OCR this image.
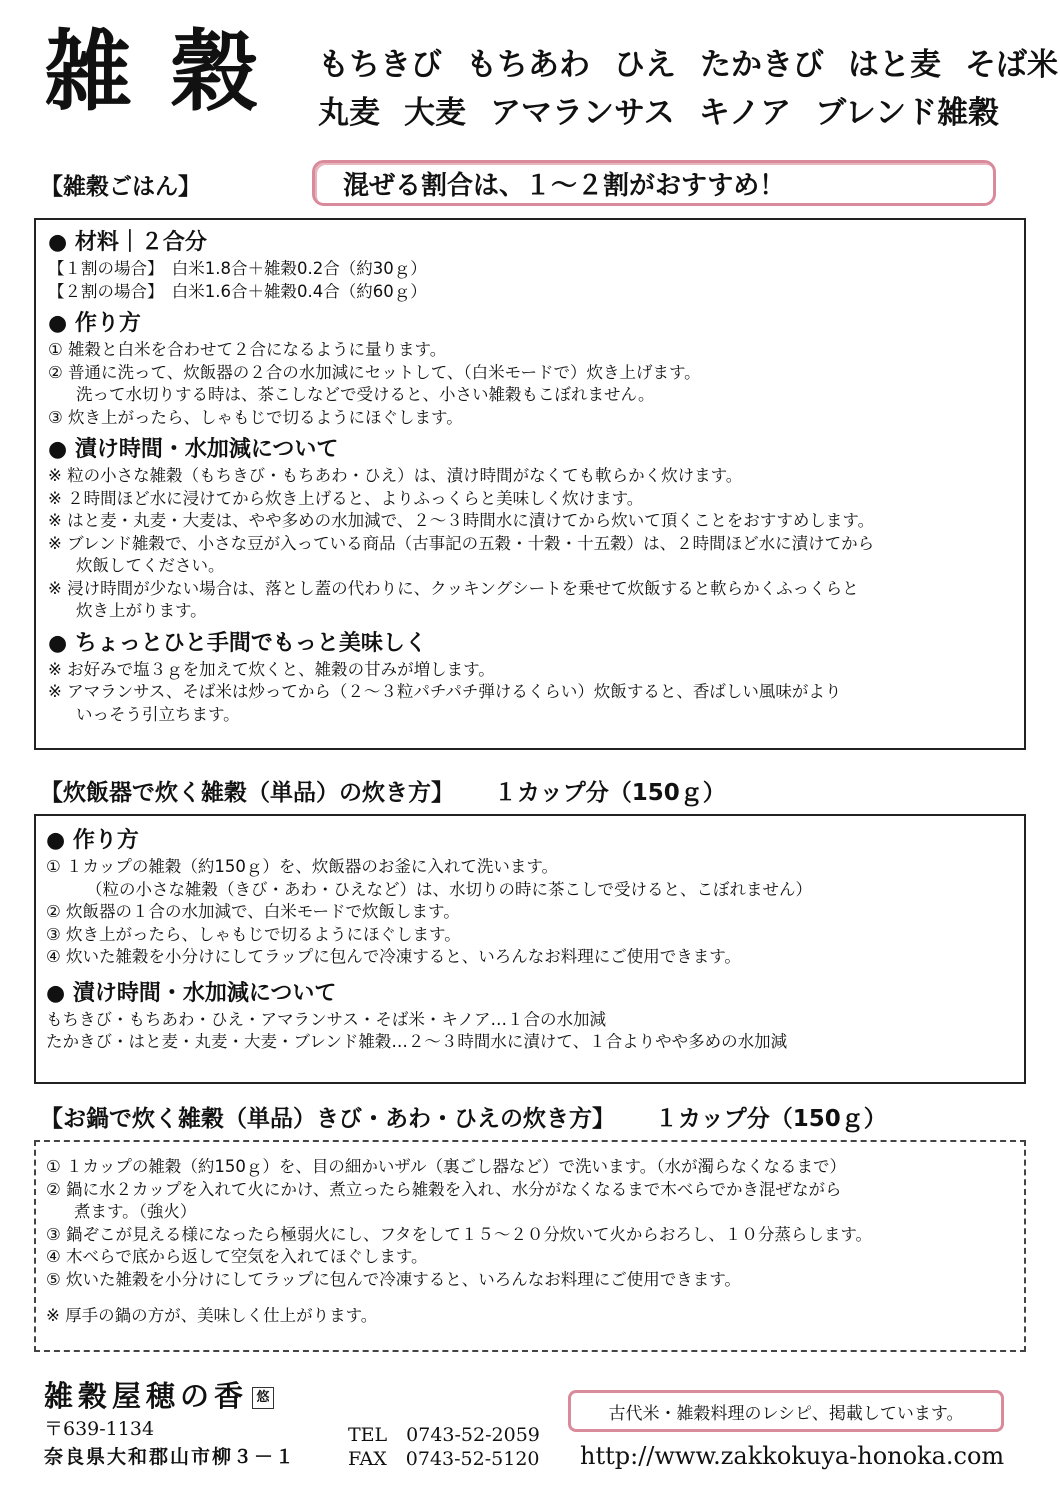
雑 穀 もちきび もちあわ ひえ たかきび はと麦 そば米
丸麦 大麦 アマランサス キノア ブレンド雑穀
【雑穀ごはん】	混ぜる割合は、１～２割がおすすめ！

● 材料｜２合分

【１割の場合】　白米1.8合＋雑穀0.2合（約30ｇ）

【２割の場合】　白米1.6合＋雑穀0.4合（約60ｇ）

● 作り方

① 雑穀と白米を合わせて２合になるように量ります。

② 普通に洗って、炊飯器の２合の水加減にセットして、（白米モードで）炊き上げます。

洗って水切りする時は、茶こしなどで受けると、小さい雑穀もこぼれません。

③ 炊き上がったら、しゃもじで切るようにほぐします。

● 漬け時間・水加減について

※ 粒の小さな雑穀（もちきび・もちあわ・ひえ）は、漬け時間がなくても軟らかく炊けます。

※ ２時間ほど水に浸けてから炊き上げると、よりふっくらと美味しく炊けます。

※ はと麦・丸麦・大麦は、やや多めの水加減で、２～３時間水に漬けてから炊いて頂くことをおすすめします。

※ ブレンド雑穀で、小さな豆が入っている商品（古事記の五穀・十穀・十五穀）は、２時間ほど水に漬けてから

炊飯してください。

※ 浸け時間が少ない場合は、落とし蓋の代わりに、クッキングシートを乗せて炊飯すると軟らかくふっくらと

炊き上がります。

● ちょっとひと手間でもっと美味しく

※ お好みで塩３ｇを加えて炊くと、雑穀の甘みが増します。

※ アマランサス、そば米は炒ってから（２～３粒パチパチ弾けるくらい）炊飯すると、香ばしい風味がより

いっそう引立ちます。

【炊飯器で炊く雑穀（単品）の炊き方】 １カップ分（150ｇ）

● 作り方

① １カップの雑穀（約150ｇ）を、炊飯器のお釜に入れて洗います。

（粒の小さな雑穀（きび・あわ・ひえなど）は、水切りの時に茶こしで受けると、こぼれません）

② 炊飯器の１合の水加減で、白米モードで炊飯します。

③ 炊き上がったら、しゃもじで切るようにほぐします。

④ 炊いた雑穀を小分けにしてラップに包んで冷凍すると、いろんなお料理にご使用できます。

● 漬け時間・水加減について

もちきび・もちあわ・ひえ・アマランサス・そば米・キノア…１合の水加減

たかきび・はと麦・丸麦・大麦・ブレンド雑穀…２～３時間水に漬けて、１合よりやや多めの水加減

【お鍋で炊く雑穀（単品）きび・あわ・ひえの炊き方】 １カップ分（150ｇ）

① １カップの雑穀（約150ｇ）を、目の細かいザル（裏ごし器など）で洗います。（水が濁らなくなるまで）

② 鍋に水２カップを入れて火にかけ、煮立ったら雑穀を入れ、水分がなくなるまで木べらでかき混ぜながら

煮ます。（強火）

③ 鍋ぞこが見える様になったら極弱火にし、フタをして１５～２０分炊いて火からおろし、１０分蒸らします。

④ 木べらで底から返して空気を入れてほぐします。

⑤ 炊いた雑穀を小分けにしてラップに包んで冷凍すると、いろんなお料理にご使用できます。

※ 厚手の鍋の方が、美味しく仕上がります。

雑穀屋穂の香 悠
〒639-1134
奈良県大和郡山市柳３－１
TEL　0743-52-2059
FAX　0743-52-5120
古代米・雑穀料理のレシピ、掲載しています。
http://www.zakkokuya-honoka.com
